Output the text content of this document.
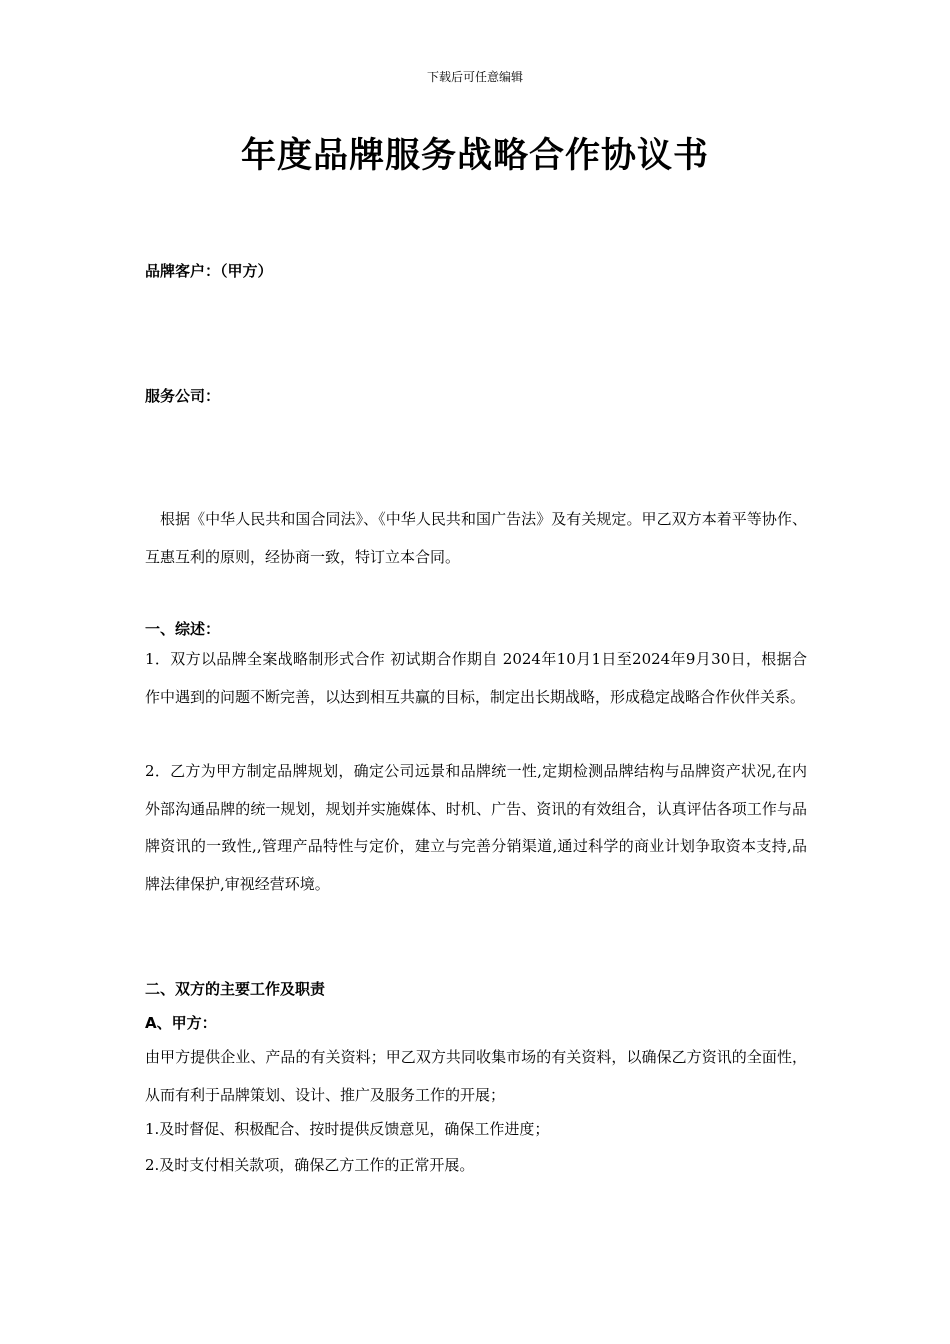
下载后可任意编辑
年度品牌服务战略合作协议书
品牌客户：（甲方）
服务公司：
根据《中华人民共和国合同法》、《中华人民共和国广告法》及有关规定。甲乙双方本着平等协作、互惠互利的原则，经协商一致，特订立本合同。
一、综述：
1．双方以品牌全案战略制形式合作 初试期合作期自 2024年10月1日至2024年9月30日，根据合作中遇到的问题不断完善，以达到相互共赢的目标，制定出长期战略，形成稳定战略合作伙伴关系。
2．乙方为甲方制定品牌规划，确定公司远景和品牌统一性,定期检测品牌结构与品牌资产状况,在内外部沟通品牌的统一规划，规划并实施媒体、时机、广告、资讯的有效组合，认真评估各项工作与品牌资讯的一致性,,管理产品特性与定价，建立与完善分销渠道,通过科学的商业计划争取资本支持,品牌法律保护,审视经营环境。
二、双方的主要工作及职责
A、甲方：
由甲方提供企业、产品的有关资料；甲乙双方共同收集市场的有关资料，以确保乙方资讯的全面性，从而有利于品牌策划、设计、推广及服务工作的开展；
1.及时督促、积极配合、按时提供反馈意见，确保工作进度；
2.及时支付相关款项，确保乙方工作的正常开展。
